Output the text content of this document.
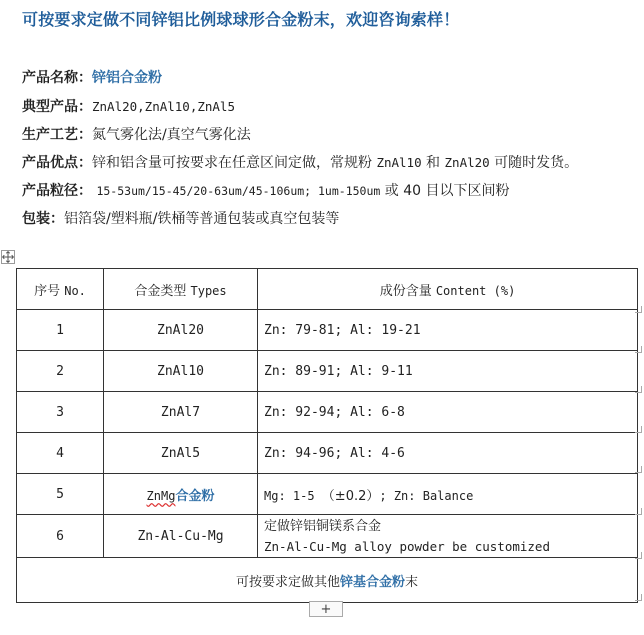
可按要求定做不同锌铝比例球球形合金粉末，欢迎咨询索样！
产品名称：锌铝合金粉
典型产品：ZnAl20,ZnAl10,ZnAl5
生产工艺：氮气雾化法/真空气雾化法
产品优点：锌和铝含量可按要求在任意区间定做，常规粉 ZnAl10 和 ZnAl20 可随时发货。
产品粒径： 15-53um/15-45/20-63um/45-106um; 1um-150um 或 40 目以下区间粉
包装：铝箔袋/塑料瓶/铁桶等普通包装或真空包装等
序号 No.	合金类型 Types	成份含量 Content (%)
1	ZnAl20	Zn: 79-81; Al: 19-21
2	ZnAl10	Zn: 89-91; Al: 9-11
3	ZnAl7	Zn: 92-94; Al: 6-8
4	ZnAl5	Zn: 94-96; Al: 4-6
5	ZnMg合金粉	Mg: 1-5 （±0.2）; Zn: Balance
6	Zn-Al-Cu-Mg	定做锌铝铜镁系合金
Zn-Al-Cu-Mg alloy powder be customized

可按要求定做其他锌基合金粉末		
+
